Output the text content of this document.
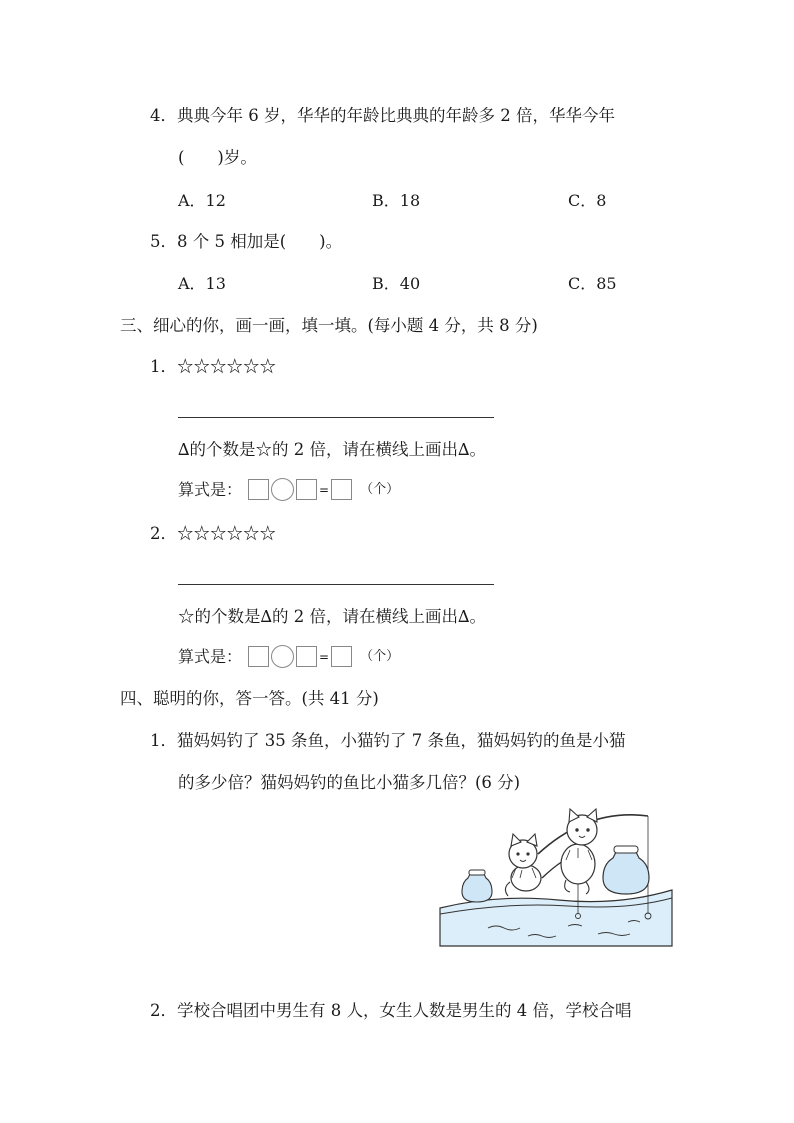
4．典典今年 6 岁，华华的年龄比典典的年龄多 2 倍，华华今年
(　　)岁。
A．12	B．18	C．8
5．8 个 5 相加是(　　)。
A．13	B．40	C．85
三、细心的你，画一画，填一填。(每小题 4 分，共 8 分)
1．☆☆☆☆☆☆
∆的个数是☆的 2 倍，请在横线上画出∆。
算式是：	= （个）
2．☆☆☆☆☆☆
☆的个数是∆的 2 倍，请在横线上画出∆。
算式是：	= （个）
四、聪明的你，答一答。(共 41 分)
1．猫妈妈钓了 35 条鱼，小猫钓了 7 条鱼，猫妈妈钓的鱼是小猫
的多少倍？猫妈妈钓的鱼比小猫多几倍？(6 分)
2．学校合唱团中男生有 8 人，女生人数是男生的 4 倍，学校合唱
